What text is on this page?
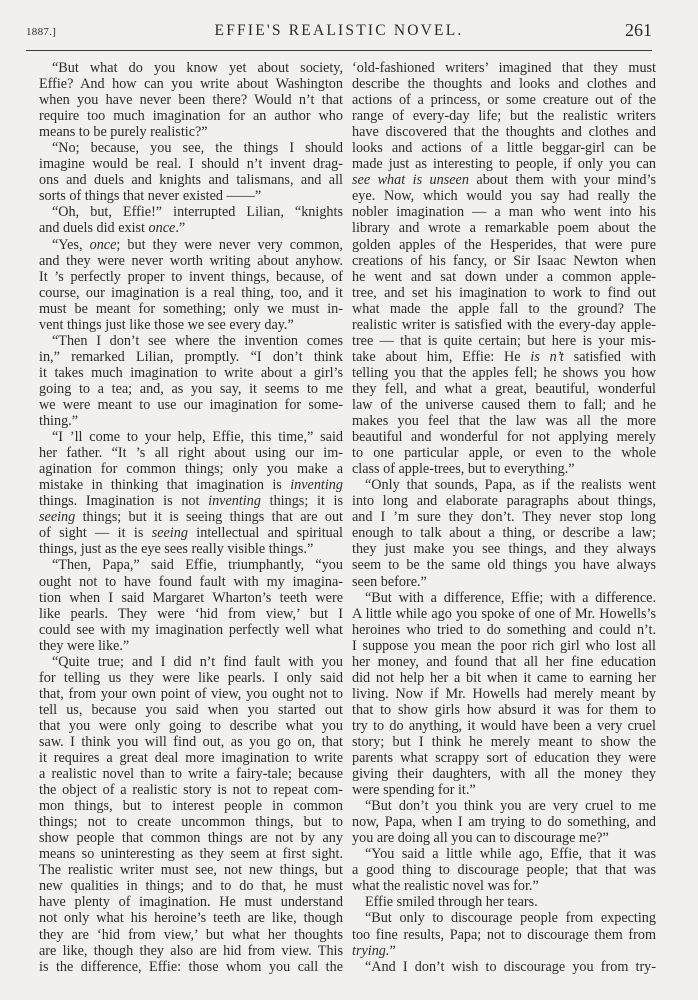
1887.]	EFFIE'S REALISTIC NOVEL.	261

“But what do you know yet about society,
Effie? And how can you write about Washington
when you have never been there? Would n’t that
require too much imagination for an author who
means to be purely realistic?”

“No; because, you see, the things I should
imagine would be real. I should n’t invent drag-
ons and duels and knights and talismans, and all
sorts of things that never existed ——”

“Oh, but, Effie!” interrupted Lilian, “knights
and duels did exist once.”

“Yes, once; but they were never very common,
and they were never worth writing about anyhow.
It ’s perfectly proper to invent things, because, of
course, our imagination is a real thing, too, and it
must be meant for something; only we must in-
vent things just like those we see every day.”

“Then I don’t see where the invention comes
in,” remarked Lilian, promptly. “I don’t think
it takes much imagination to write about a girl’s
going to a tea; and, as you say, it seems to me
we were meant to use our imagination for some-
thing.”

“I ’ll come to your help, Effie, this time,” said
her father. “It ’s all right about using our im-
agination for common things; only you make a
mistake in thinking that imagination is inventing
things. Imagination is not inventing things; it is
seeing things; but it is seeing things that are out
of sight — it is seeing intellectual and spiritual
things, just as the eye sees really visible things.”

“Then, Papa,” said Effie, triumphantly, “you
ought not to have found fault with my imagina-
tion when I said Margaret Wharton’s teeth were
like pearls. They were ‘hid from view,’ but I
could see with my imagination perfectly well what
they were like.”

“Quite true; and I did n’t find fault with you
for telling us they were like pearls. I only said
that, from your own point of view, you ought not to
tell us, because you said when you started out
that you were only going to describe what you
saw. I think you will find out, as you go on, that
it requires a great deal more imagination to write
a realistic novel than to write a fairy-tale; because
the object of a realistic story is not to repeat com-
mon things, but to interest people in common
things; not to create uncommon things, but to
show people that common things are not by any
means so uninteresting as they seem at first sight.
The realistic writer must see, not new things, but
new qualities in things; and to do that, he must
have plenty of imagination. He must understand
not only what his heroine’s teeth are like, though
they are ‘hid from view,’ but what her thoughts
are like, though they also are hid from view. This
is the difference, Effie: those whom you call the

‘old-fashioned writers’ imagined that they must
describe the thoughts and looks and clothes and
actions of a princess, or some creature out of the
range of every-day life; but the realistic writers
have discovered that the thoughts and clothes and
looks and actions of a little beggar-girl can be
made just as interesting to people, if only you can
see what is unseen about them with your mind’s
eye. Now, which would you say had really the
nobler imagination — a man who went into his
library and wrote a remarkable poem about the
golden apples of the Hesperides, that were pure
creations of his fancy, or Sir Isaac Newton when
he went and sat down under a common apple-
tree, and set his imagination to work to find out
what made the apple fall to the ground? The
realistic writer is satisfied with the every-day apple-
tree — that is quite certain; but here is your mis-
take about him, Effie: He is n’t satisfied with
telling you that the apples fell; he shows you how
they fell, and what a great, beautiful, wonderful
law of the universe caused them to fall; and he
makes you feel that the law was all the more
beautiful and wonderful for not applying merely
to one particular apple, or even to the whole
class of apple-trees, but to everything.”

“Only that sounds, Papa, as if the realists went
into long and elaborate paragraphs about things,
and I ’m sure they don’t. They never stop long
enough to talk about a thing, or describe a law;
they just make you see things, and they always
seem to be the same old things you have always
seen before.”

“But with a difference, Effie; with a difference.
A little while ago you spoke of one of Mr. Howells’s
heroines who tried to do something and could n’t.
I suppose you mean the poor rich girl who lost all
her money, and found that all her fine education
did not help her a bit when it came to earning her
living. Now if Mr. Howells had merely meant by
that to show girls how absurd it was for them to
try to do anything, it would have been a very cruel
story; but I think he merely meant to show the
parents what scrappy sort of education they were
giving their daughters, with all the money they
were spending for it.”

“But don’t you think you are very cruel to me
now, Papa, when I am trying to do something, and
you are doing all you can to discourage me?”

“You said a little while ago, Effie, that it was
a good thing to discourage people; that that was
what the realistic novel was for.”

Effie smiled through her tears.

“But only to discourage people from expecting
too fine results, Papa; not to discourage them from
trying.”

“And I don’t wish to discourage you from try-
